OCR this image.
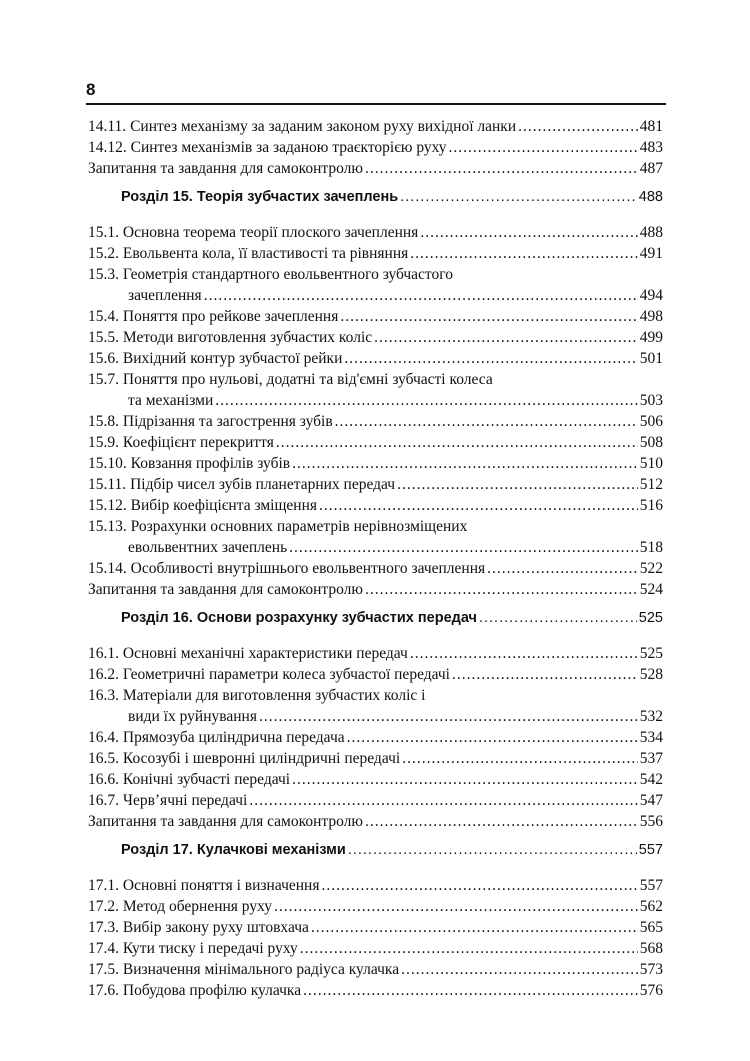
8
14.11. Синтез механізму за заданим законом руху вихідної ланки .....	481
14.12. Синтез механізмів за заданою траєкторією руху .....	483
Запитання та завдання для самоконтролю .....	487
Розділ 15. Теорія зубчастих зачеплень .....	488
15.1. Основна теорема теорії плоского зачеплення .....	488
15.2. Евольвента кола, її властивості та рівняння .....	491
15.3. Геометрія стандартного евольвентного зубчастого
зачеплення .....	494
15.4. Поняття про рейкове зачеплення .....	498
15.5. Методи виготовлення зубчастих коліс .....	499
15.6. Вихідний контур зубчастої рейки .....	501
15.7. Поняття про нульові, додатні та від'ємні зубчасті колеса
та механізми .....	503
15.8. Підрізання та загострення зубів .....	506
15.9. Коефіцієнт перекриття .....	508
15.10. Ковзання профілів зубів .....	510
15.11. Підбір чисел зубів планетарних передач .....	512
15.12. Вибір коефіцієнта зміщення .....	516
15.13. Розрахунки основних параметрів нерівнозміщених
евольвентних зачеплень .....	518
15.14. Особливості внутрішнього евольвентного зачеплення .....	522
Запитання та завдання для самоконтролю .....	524
Розділ 16. Основи розрахунку зубчастих передач .....	525
16.1. Основні механічні характеристики передач .....	525
16.2. Геометричні параметри колеса зубчастої передачі .....	528
16.3. Матеріали для виготовлення зубчастих коліс і
види їх руйнування .....	532
16.4. Прямозуба циліндрична передача .....	534
16.5. Косозубі і шевронні циліндричні передачі .....	537
16.6. Конічні зубчасті передачі .....	542
16.7. Черв’ячні передачі .....	547
Запитання та завдання для самоконтролю .....	556
Розділ 17. Кулачкові механізми .....	557
17.1. Основні поняття і визначення .....	557
17.2. Метод обернення руху .....	562
17.3. Вибір закону руху штовхача .....	565
17.4. Кути тиску і передачі руху .....	568
17.5. Визначення мінімального радіуса кулачка .....	573
17.6. Побудова профілю кулачка .....	576
